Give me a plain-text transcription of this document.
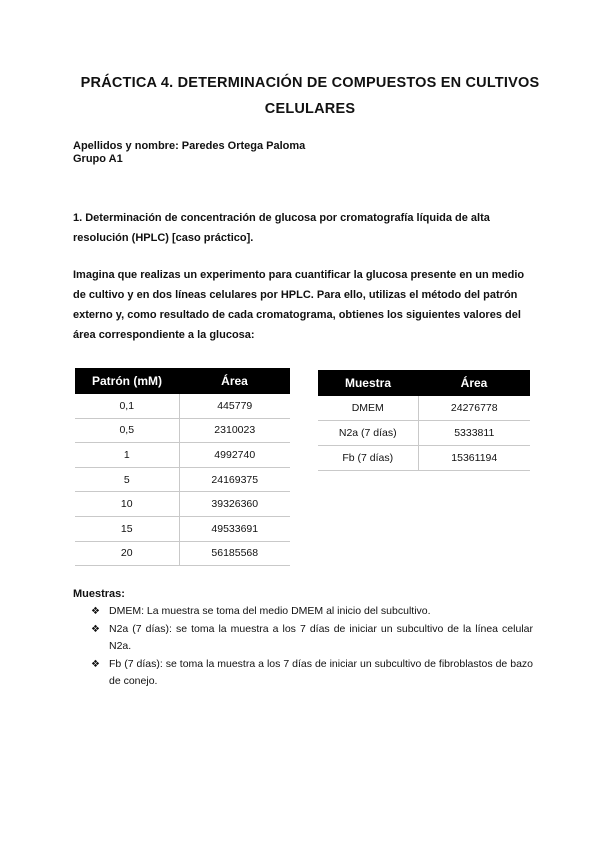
PRÁCTICA 4. DETERMINACIÓN DE COMPUESTOS EN CULTIVOS
CELULARES
Apellidos y nombre: Paredes Ortega Paloma
Grupo A1
1. Determinación de concentración de glucosa por cromatografía líquida de alta resolución (HPLC) [caso práctico].
Imagina que realizas un experimento para cuantificar la glucosa presente en un medio de cultivo y en dos líneas celulares por HPLC. Para ello, utilizas el método del patrón externo y, como resultado de cada cromatograma, obtienes los siguientes valores del área correspondiente a la glucosa:
Patrón (mM)	Área
0,1	445779
0,5	2310023
1	4992740
5	24169375
10	39326360
15	49533691
20	56185568
Muestra	Área
DMEM	24276778
N2a (7 días)	5333811
Fb (7 días)	15361194
Muestras:
❖ DMEM: La muestra se toma del medio DMEM al inicio del subcultivo.
❖ N2a (7 días): se toma la muestra a los 7 días de iniciar un subcultivo de la línea celular N2a.
❖ Fb (7 días): se toma la muestra a los 7 días de iniciar un subcultivo de fibroblastos de bazo de conejo.
